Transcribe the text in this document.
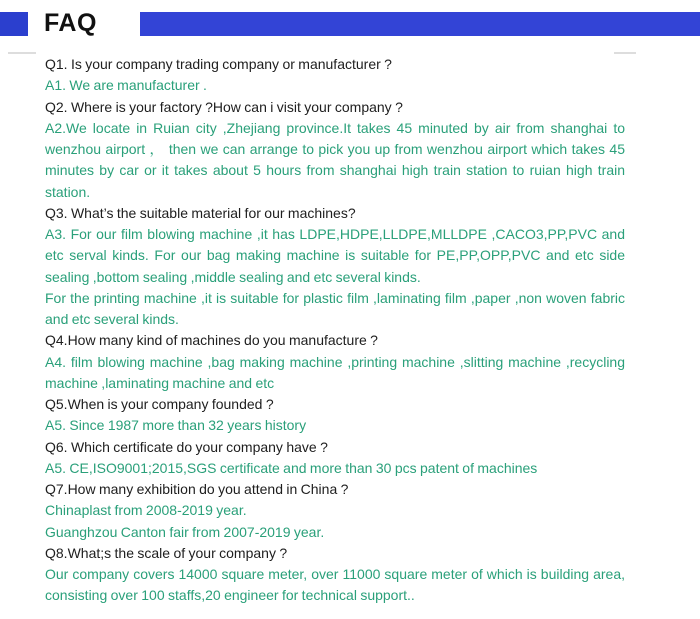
FAQ

Q1. Is your company trading company or manufacturer ?

A1. We are manufacturer .

Q2. Where is your factory ?How can i visit your company ?

A2.We locate in Ruian city ,Zhejiang province.It takes 45 minuted by air from shanghai to wenzhou airport ， then we can arrange to pick you up from wenzhou airport which takes 45 minutes by car or it takes about 5 hours from shanghai high train station to ruian high train station.

Q3. What’s the suitable material for our machines?

A3. For our film blowing machine ,it has LDPE,HDPE,LLDPE,MLLDPE ,CACO3,PP,PVC and etc serval kinds. For our bag making machine is suitable for PE,PP,OPP,PVC and etc side sealing ,bottom sealing ,middle sealing and etc several kinds.

For the printing machine ,it is suitable for plastic film ,laminating film ,paper ,non woven fabric and etc several kinds.

Q4.How many kind of machines do you manufacture ?

A4. film blowing machine ,bag making machine ,printing machine ,slitting machine ,recycling machine ,laminating machine and etc

Q5.When is your company founded ?

A5. Since 1987 more than 32 years history

Q6. Which certificate do your company have ?

A5. CE,ISO9001;2015,SGS certificate and more than 30 pcs patent of machines

Q7.How many exhibition do you attend in China ?

Chinaplast from 2008-2019 year.

Guanghzou Canton fair from 2007-2019 year.

Q8.What;s the scale of your company ?

Our company covers 14000 square meter, over 11000 square meter of which is building area, consisting over 100 staffs,20 engineer for technical support..
